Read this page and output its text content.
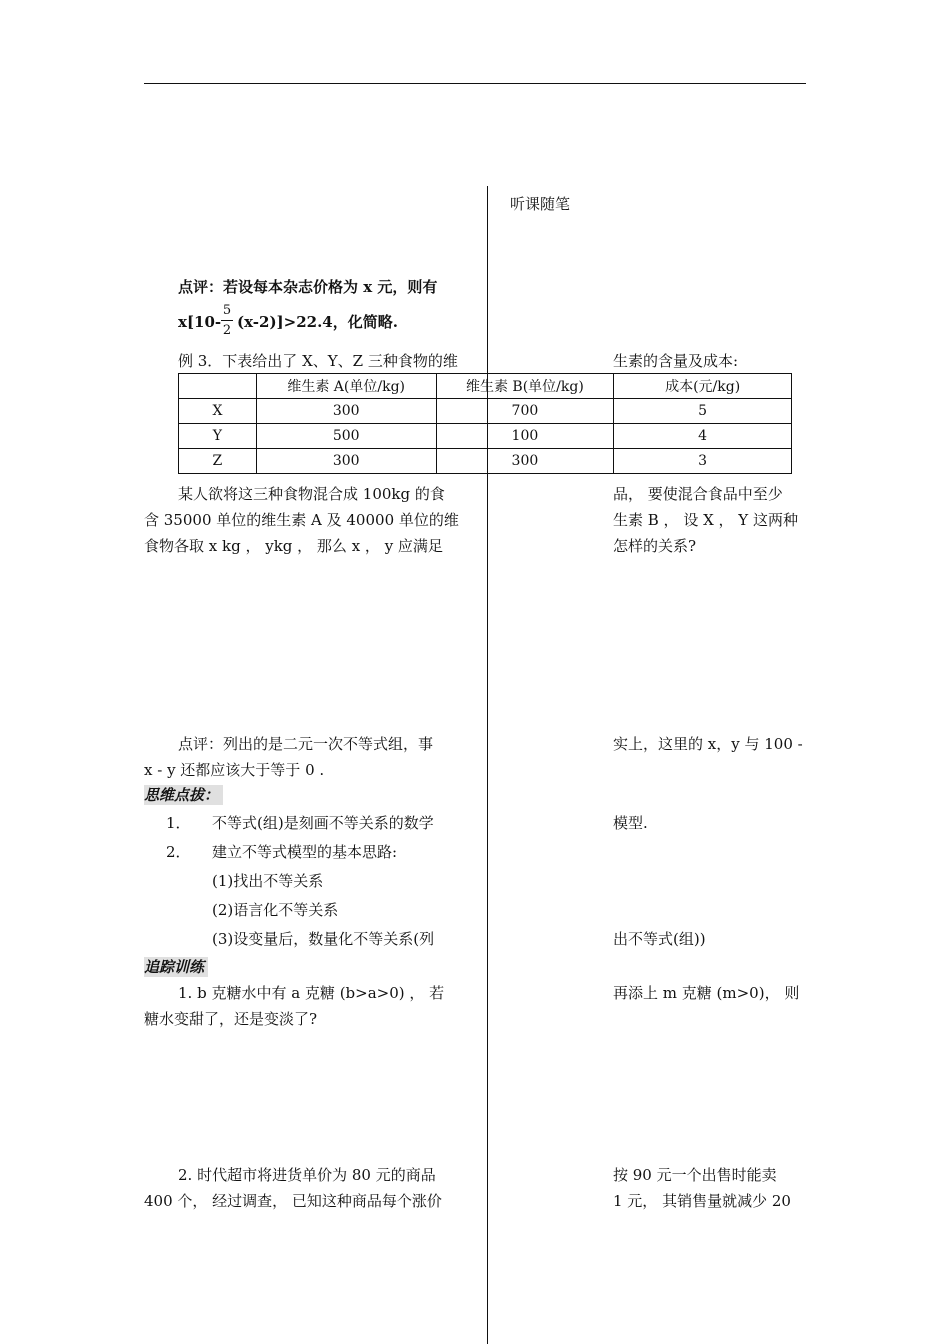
听课随笔
点评：若设每本杂志价格为 x 元，则有
x[10-
5
2 (x-2)]>22.4，化简略.
例 3．下表给出了 X、Y、Z 三种食物的维	生素的含量及成本:
	维生素 A(单位/kg)	维生素 B(单位/kg)	成本(元/kg)
X	300	700	5
Y	500	100	4
Z	300	300	3
某人欲将这三种食物混合成 100kg 的食	品， 要使混合食品中至少
含 35000 单位的维生素 A 及 40000 单位的维	生素 B ， 设 X ， Y 这两种
食物各取 x kg ， ykg ， 那么 x ， y 应满足	怎样的关系?
点评：列出的是二元一次不等式组，事	实上，这里的 x，y 与 100 -
x - y 还都应该大于等于 0 .
思维点拔：
1． 不等式(组)是刻画不等关系的数学	模型.
2． 建立不等式模型的基本思路:
(1)找出不等关系
(2)语言化不等关系
(3)设变量后，数量化不等关系(列	出不等式(组))
追踪训练
1. b 克糖水中有 a 克糖 (b>a>0) ， 若	再添上 m 克糖 (m>0)， 则
糖水变甜了，还是变淡了?
2. 时代超市将进货单价为 80 元的商品	按 90 元一个出售时能卖
400 个， 经过调查， 已知这种商品每个涨价	1 元， 其销售量就减少 20
